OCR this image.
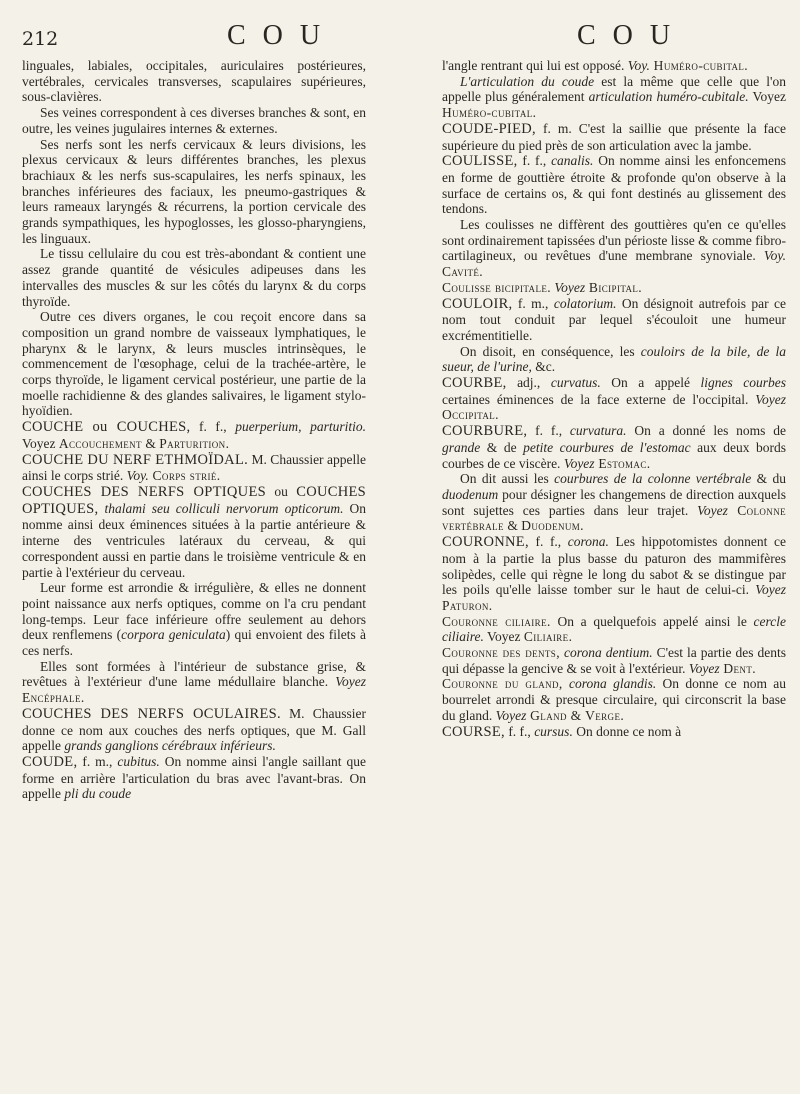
212	C O U	C O U

linguales, labiales, occipitales, auriculaires postérieures, vertébrales, cervicales transverses, scapulaires supérieures, sous-clavières.

Ses veines correspondent à ces diverses branches & sont, en outre, les veines jugulaires internes & externes.

Ses nerfs sont les nerfs cervicaux & leurs divisions, les plexus cervicaux & leurs différentes branches, les plexus brachiaux & les nerfs sus-scapulaires, les nerfs spinaux, les branches inférieures des faciaux, les pneumo-gastriques & leurs rameaux laryngés & récurrens, la portion cervicale des grands sympathiques, les hypoglosses, les glosso-pharyngiens, les linguaux.

Le tissu cellulaire du cou est très-abondant & contient une assez grande quantité de vésicules adipeuses dans les intervalles des muscles & sur les côtés du larynx & du corps thyroïde.

Outre ces divers organes, le cou reçoit encore dans sa composition un grand nombre de vaisseaux lymphatiques, le pharynx & le larynx, & leurs muscles intrinsèques, le commencement de l'œsophage, celui de la trachée-artère, le corps thyroïde, le ligament cervical postérieur, une partie de la moelle rachidienne & des glandes salivaires, le ligament stylo-hyoïdien.

COUCHE ou COUCHES, f. f., puerperium, parturitio. Voyez Accouchement & Parturition.

COUCHE DU NERF ETHMOÏDAL. M. Chaussier appelle ainsi le corps strié. Voy. Corps strié.

COUCHES DES NERFS OPTIQUES ou COUCHES OPTIQUES, thalami seu colliculi nervorum opticorum. On nomme ainsi deux éminences situées à la partie antérieure & interne des ventricules latéraux du cerveau, & qui correspondent aussi en partie dans le troisième ventricule & en partie à l'extérieur du cerveau.

Leur forme est arrondie & irrégulière, & elles ne donnent point naissance aux nerfs optiques, comme on l'a cru pendant long-temps. Leur face inférieure offre seulement au dehors deux renflemens (corpora geniculata) qui envoient des filets à ces nerfs.

Elles sont formées à l'intérieur de substance grise, & revêtues à l'extérieur d'une lame médullaire blanche. Voyez Encéphale.

COUCHES DES NERFS OCULAIRES. M. Chaussier donne ce nom aux couches des nerfs optiques, que M. Gall appelle grands ganglions cérébraux inférieurs.

COUDE, f. m., cubitus. On nomme ainsi l'angle saillant que forme en arrière l'articulation du bras avec l'avant-bras. On appelle pli du coude

l'angle rentrant qui lui est opposé. Voy. Huméro-cubital.

L'articulation du coude est la même que celle que l'on appelle plus généralement articulation huméro-cubitale. Voyez Huméro-cubital.

COUDE-PIED, f. m. C'est la saillie que présente la face supérieure du pied près de son articulation avec la jambe.

COULISSE, f. f., canalis. On nomme ainsi les enfoncemens en forme de gouttière étroite & profonde qu'on observe à la surface de certains os, & qui font destinés au glissement des tendons.

Les coulisses ne diffèrent des gouttières qu'en ce qu'elles sont ordinairement tapissées d'un périoste lisse & comme fibro-cartilagineux, ou revêtues d'une membrane synoviale. Voy. Cavité.

Coulisse bicipitale. Voyez Bicipital.

COULOIR, f. m., colatorium. On désignoit autrefois par ce nom tout conduit par lequel s'écouloit une humeur excrémentitielle.

On disoit, en conséquence, les couloirs de la bile, de la sueur, de l'urine, &c.

COURBE, adj., curvatus. On a appelé lignes courbes certaines éminences de la face externe de l'occipital. Voyez Occipital.

COURBURE, f. f., curvatura. On a donné les noms de grande & de petite courbures de l'estomac aux deux bords courbes de ce viscère. Voyez Estomac.

On dit aussi les courbures de la colonne vertébrale & du duodenum pour désigner les changemens de direction auxquels sont sujettes ces parties dans leur trajet. Voyez Colonne vertébrale & Duodenum.

COURONNE, f. f., corona. Les hippotomistes donnent ce nom à la partie la plus basse du paturon des mammifères solipèdes, celle qui règne le long du sabot & se distingue par les poils qu'elle laisse tomber sur le haut de celui-ci. Voyez Paturon.

Couronne ciliaire. On a quelquefois appelé ainsi le cercle ciliaire. Voyez Ciliaire.

Couronne des dents, corona dentium. C'est la partie des dents qui dépasse la gencive & se voit à l'extérieur. Voyez Dent.

Couronne du gland, corona glandis. On donne ce nom au bourrelet arrondi & presque circulaire, qui circonscrit la base du gland. Voyez Gland & Verge.

COURSE, f. f., cursus. On donne ce nom à
